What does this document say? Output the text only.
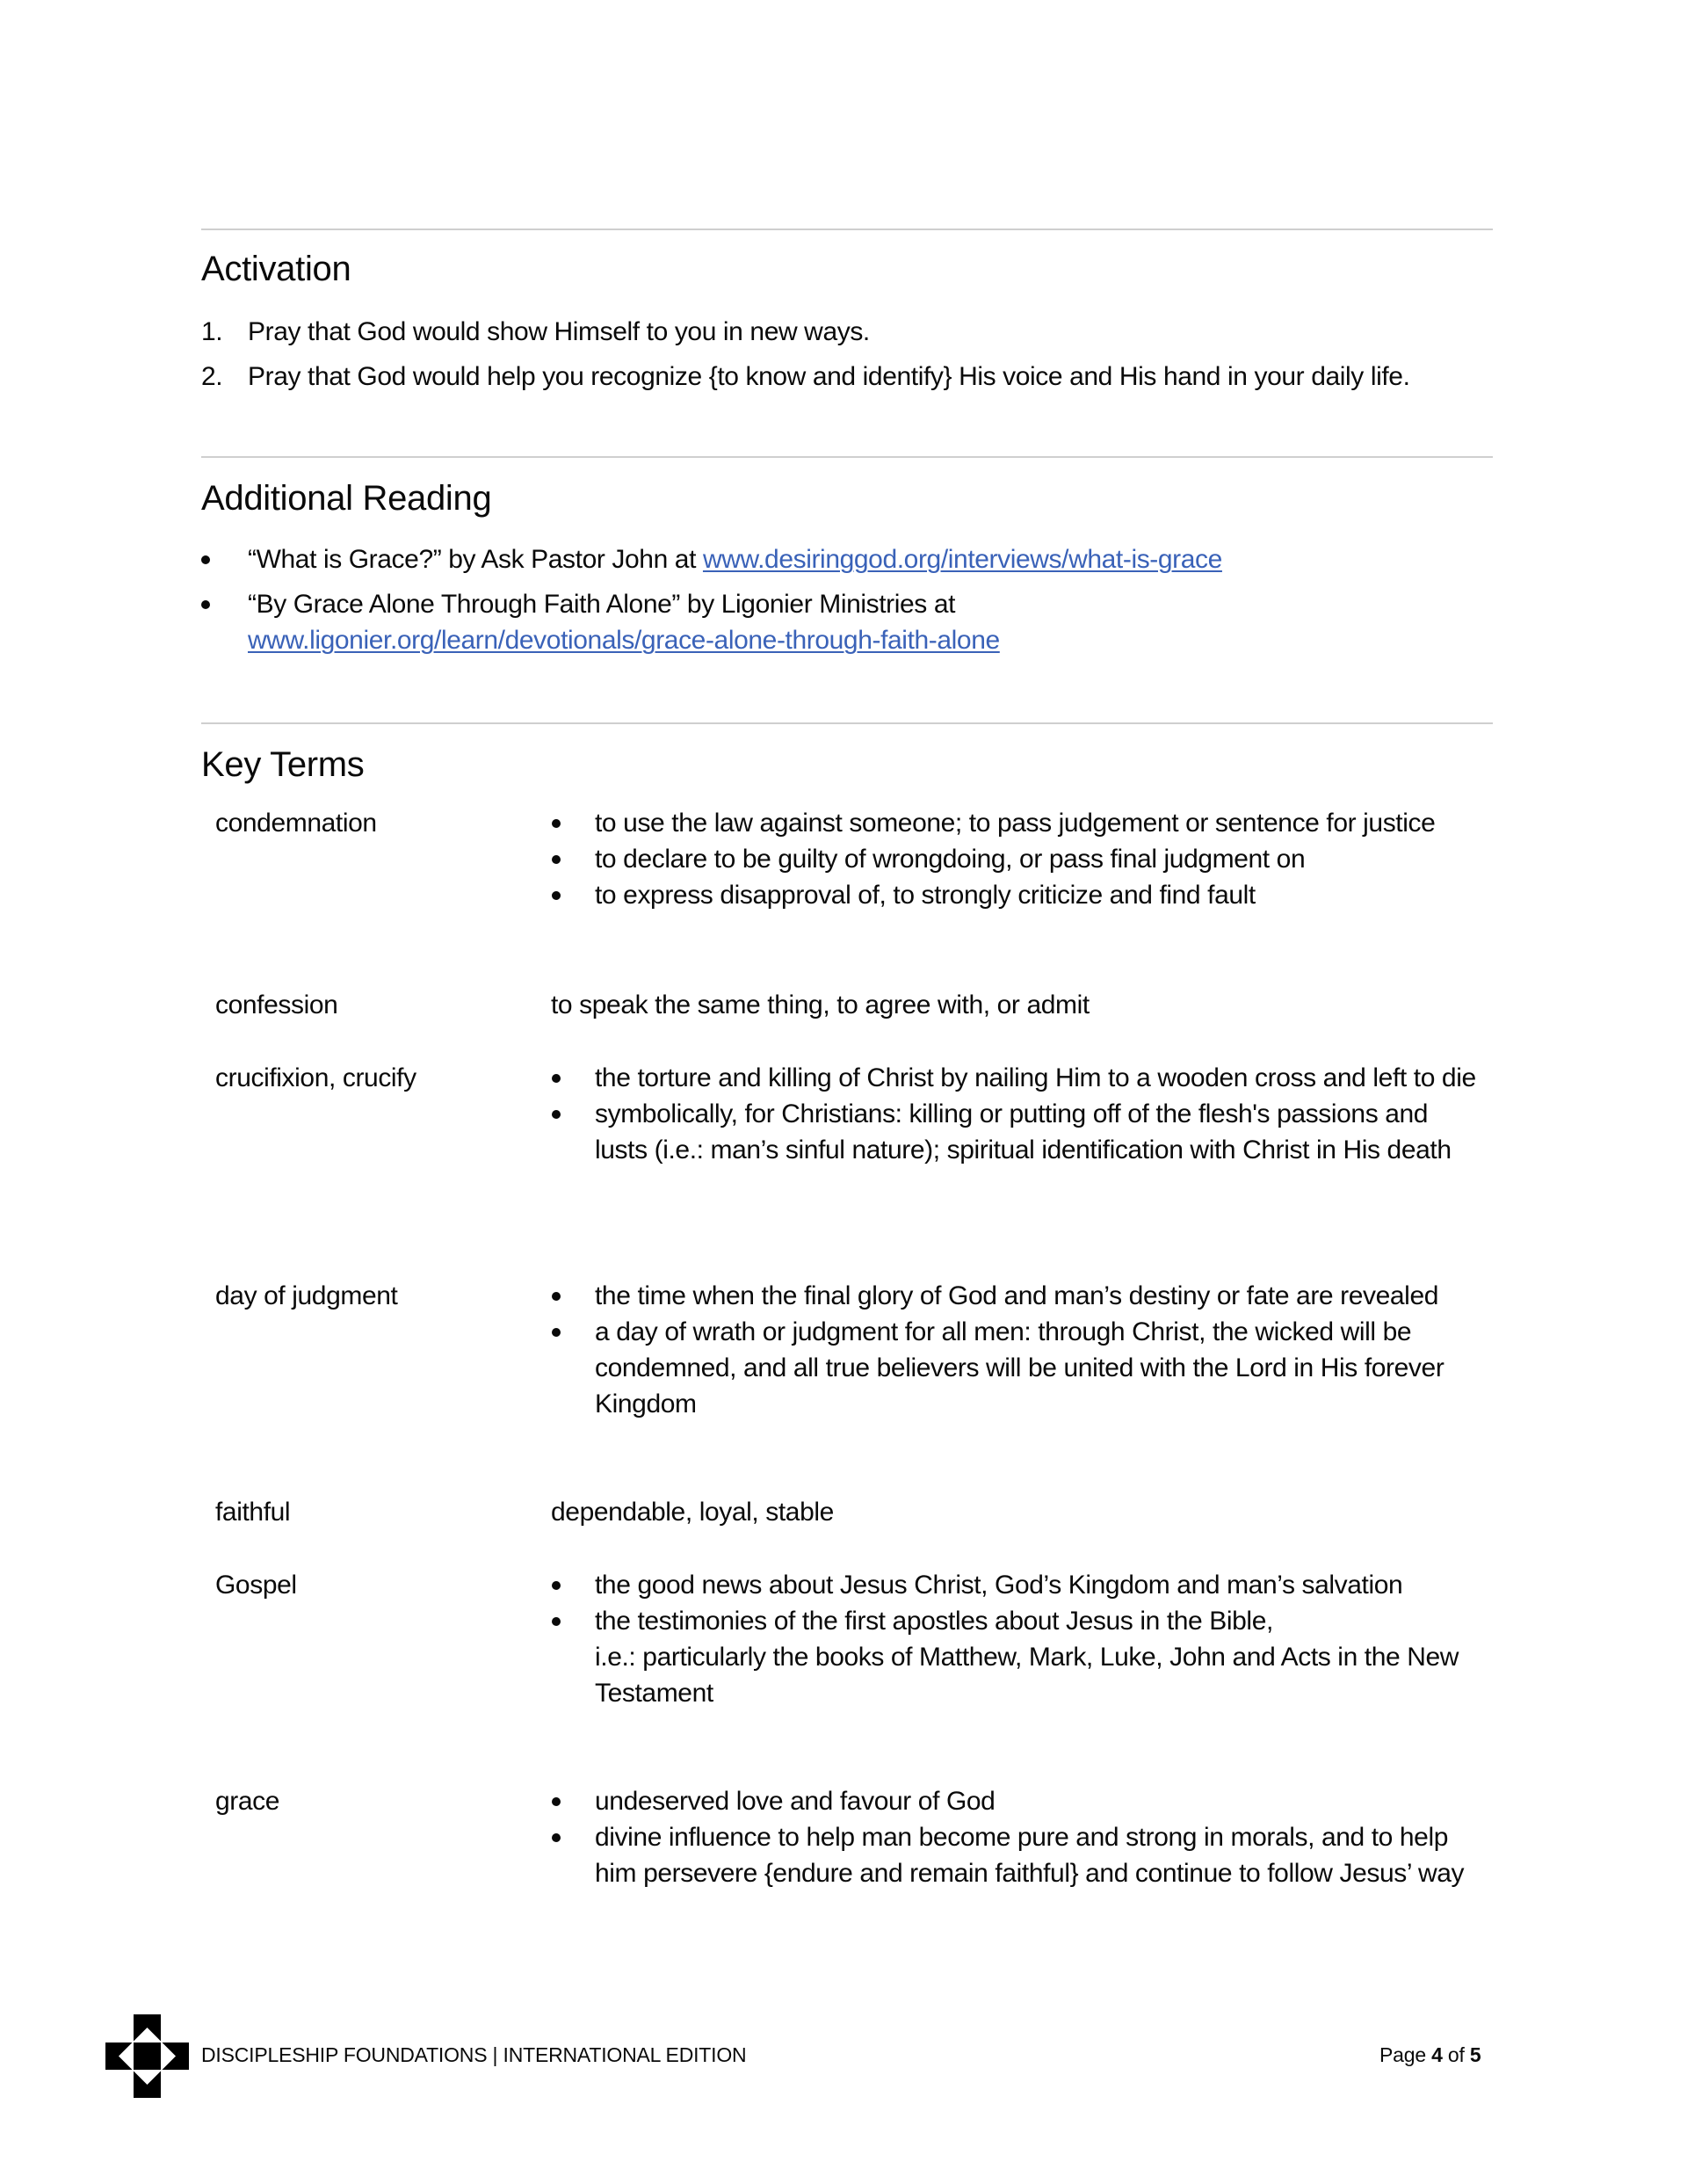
Activation
1. Pray that God would show Himself to you in new ways.
2. Pray that God would help you recognize {to know and identify} His voice and His hand in your daily life.
Additional Reading
“What is Grace?” by Ask Pastor John at www.desiringgod.org/interviews/what-is-grace
“By Grace Alone Through Faith Alone” by Ligonier Ministries at
www.ligonier.org/learn/devotionals/grace-alone-through-faith-alone
Key Terms
condemnation	to use the law against someone; to pass judgement or sentence for justice
to declare to be guilty of wrongdoing, or pass final judgment on
to express disapproval of, to strongly criticize and find fault
confession	to speak the same thing, to agree with, or admit
crucifixion, crucify	the torture and killing of Christ by nailing Him to a wooden cross and left to die
symbolically, for Christians: killing or putting off of the flesh's passions and lusts (i.e.: man’s sinful nature); spiritual identification with Christ in His death
day of judgment	the time when the final glory of God and man’s destiny or fate are revealed
a day of wrath or judgment for all men: through Christ, the wicked will be condemned, and all true believers will be united with the Lord in His forever Kingdom
faithful	dependable, loyal, stable
Gospel	the good news about Jesus Christ, God’s Kingdom and man’s salvation
the testimonies of the first apostles about Jesus in the Bible,
i.e.: particularly the books of Matthew, Mark, Luke, John and Acts in the New Testament
grace	undeserved love and favour of God
divine influence to help man become pure and strong in morals, and to help him persevere {endure and remain faithful} and continue to follow Jesus’ way
DISCIPLESHIP FOUNDATIONS | INTERNATIONAL EDITION	Page 4 of 5
